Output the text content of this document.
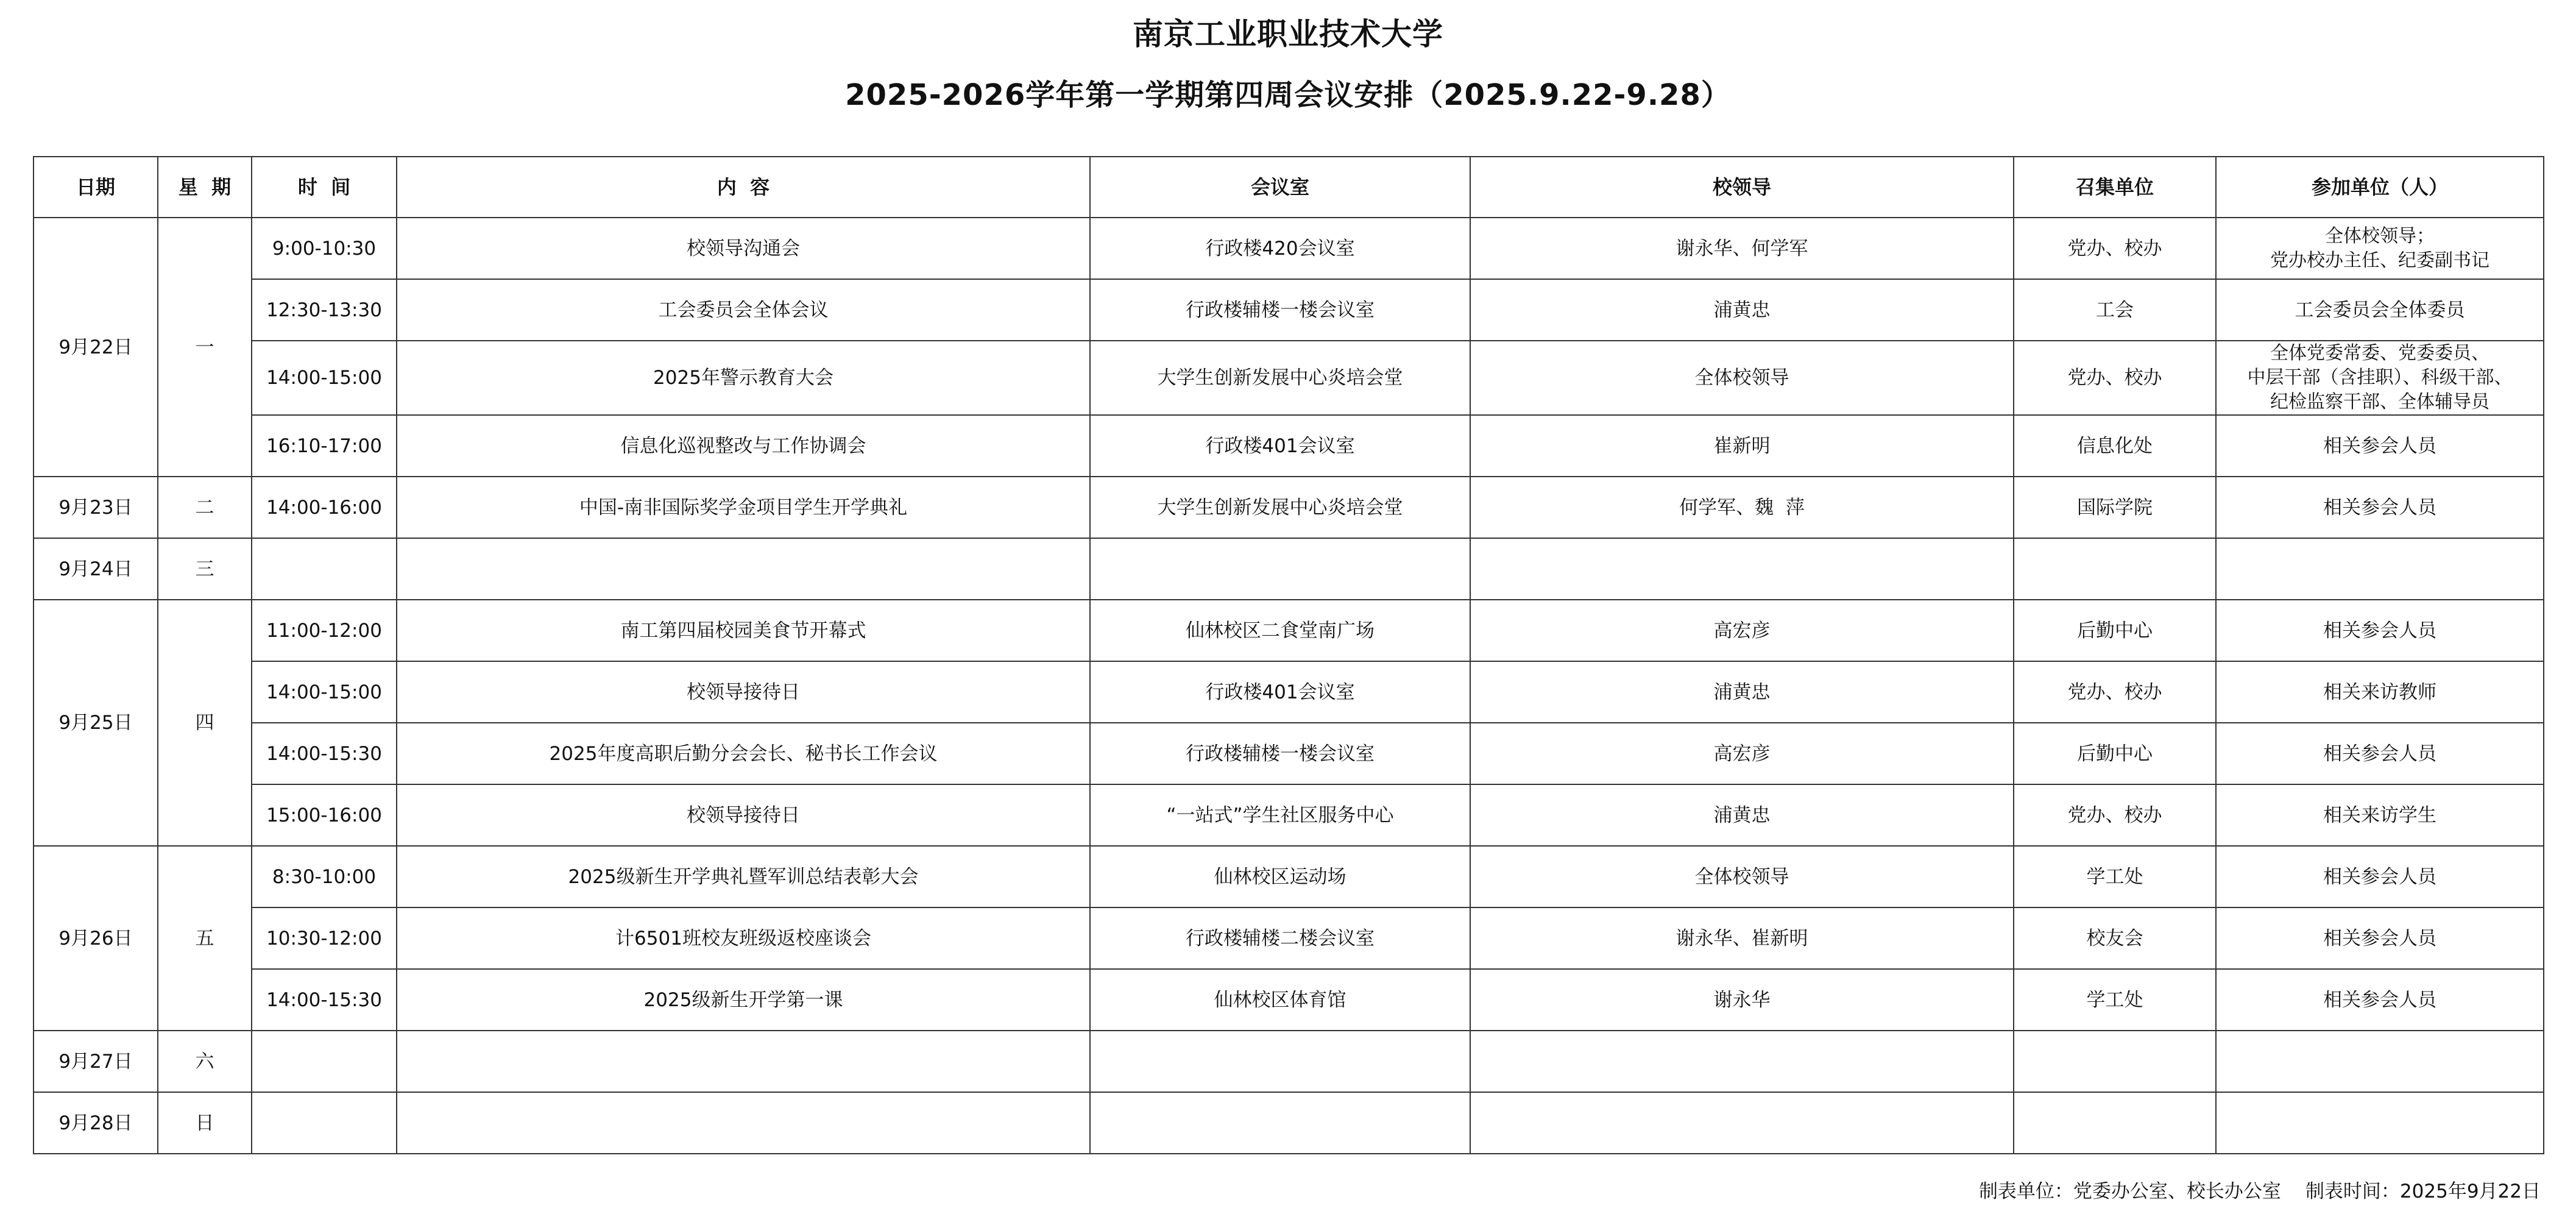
南京工业职业技术大学
2025-2026学年第一学期第四周会议安排（2025.9.22-9.28）
日期	星  期	时  间	内  容	会议室	校领导	召集单位	参加单位（人）
9月22日	一	9:00-10:30	校领导沟通会	行政楼420会议室	谢永华、何学军	党办、校办	全体校领导；
党办校办主任、纪委副书记

		12:30-13:30	工会委员会全体会议	行政楼辅楼一楼会议室	浦黄忠	工会	工会委员会全体委员

		14:00-15:00	2025年警示教育大会	大学生创新发展中心炎培会堂	全体校领导	党办、校办	全体党委常委、党委委员、
中层干部（含挂职）、科级干部、
纪检监察干部、全体辅导员

		16:10-17:00	信息化巡视整改与工作协调会	行政楼401会议室	崔新明	信息化处	相关参会人员

9月23日	二	14:00-16:00	中国-南非国际奖学金项目学生开学典礼	大学生创新发展中心炎培会堂	何学军、魏  萍	国际学院	相关参会人员

9月24日	三						

9月25日	四	11:00-12:00	南工第四届校园美食节开幕式	仙林校区二食堂南广场	高宏彦	后勤中心	相关参会人员

		14:00-15:00	校领导接待日	行政楼401会议室	浦黄忠	党办、校办	相关来访教师

		14:00-15:30	2025年度高职后勤分会会长、秘书长工作会议	行政楼辅楼一楼会议室	高宏彦	后勤中心	相关参会人员

		15:00-16:00	校领导接待日	“一站式”学生社区服务中心	浦黄忠	党办、校办	相关来访学生

9月26日	五	8:30-10:00	2025级新生开学典礼暨军训总结表彰大会	仙林校区运动场	全体校领导	学工处	相关参会人员

		10:30-12:00	计6501班校友班级返校座谈会	行政楼辅楼二楼会议室	谢永华、崔新明	校友会	相关参会人员

		14:00-15:30	2025级新生开学第一课	仙林校区体育馆	谢永华	学工处	相关参会人员

9月27日	六						

9月28日	日						
制表单位：党委办公室、校长办公室 制表时间：2025年9月22日
